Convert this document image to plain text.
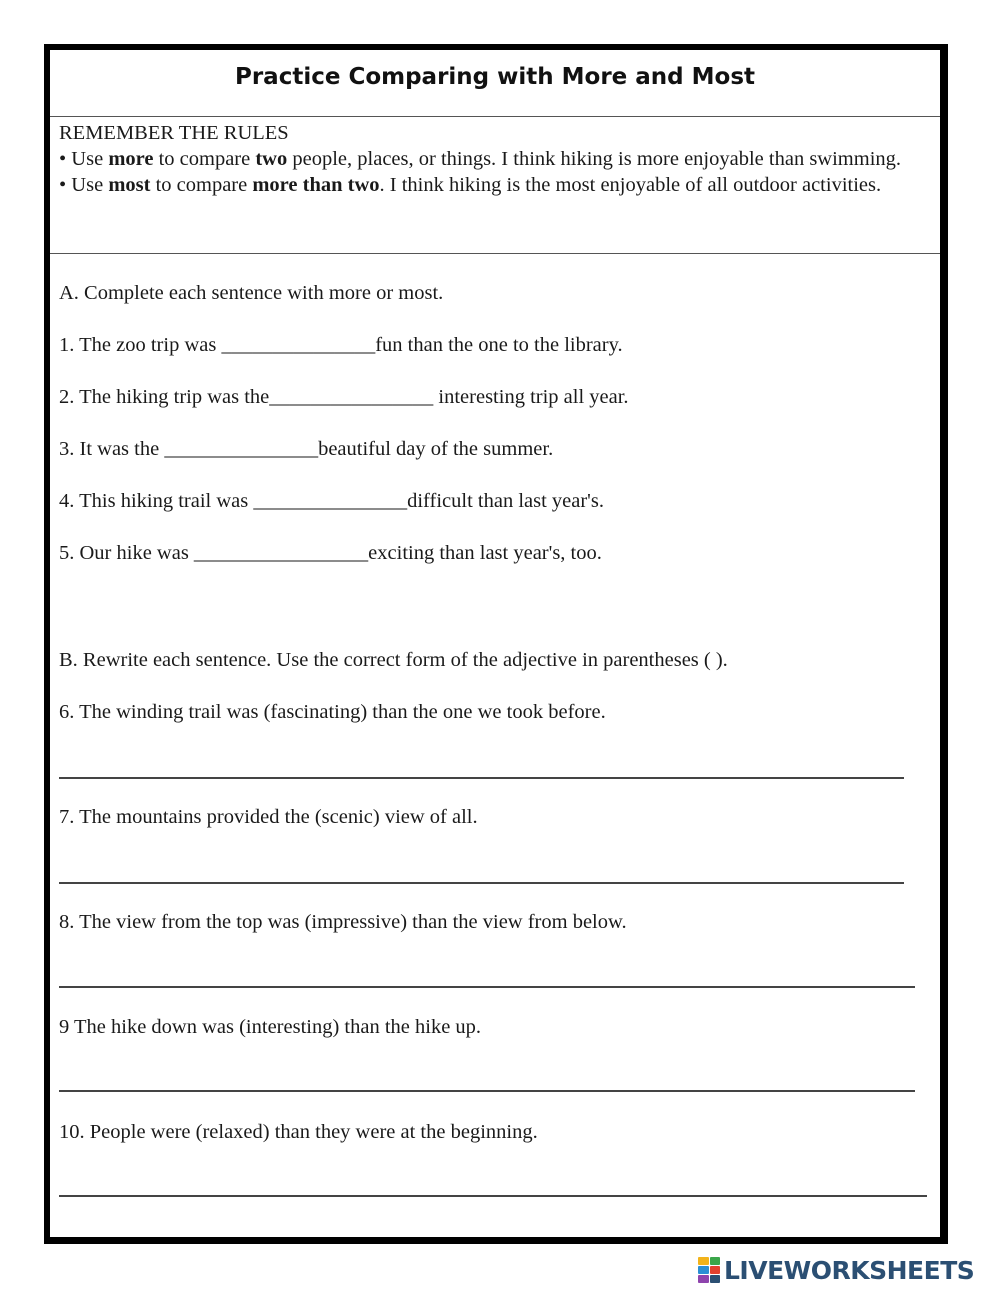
Practice Comparing with More and Most
REMEMBER THE RULES
• Use more to compare two people, places, or things. I think hiking is more enjoyable than swimming.
• Use most to compare more than two. I think hiking is the most enjoyable of all outdoor activities.
A. Complete each sentence with more or most.
1. The zoo trip was _______________fun than the one to the library.
2. The hiking trip was the________________ interesting trip all year.
3. It was the _______________beautiful day of the summer.
4. This hiking trail was _______________difficult than last year's.
5. Our hike was _________________exciting than last year's, too.
B. Rewrite each sentence. Use the correct form of the adjective in parentheses ( ).
6. The winding trail was (fascinating) than the one we took before.
7. The mountains provided the (scenic) view of all.
8. The view from the top was (impressive) than the view from below.
9 The hike down was (interesting) than the hike up.
10. People were (relaxed) than they were at the beginning.
LIVEWORKSHEETS
